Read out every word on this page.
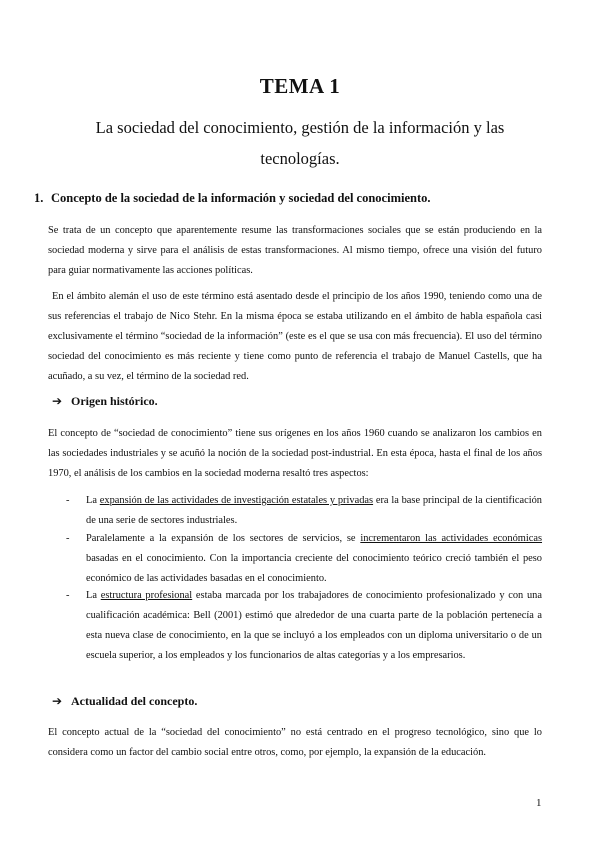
TEMA 1
La sociedad del conocimiento, gestión de la información y las tecnologías.
1. Concepto de la sociedad de la información y sociedad del conocimiento.
Se trata de un concepto que aparentemente resume las transformaciones sociales que se están produciendo en la sociedad moderna y sirve para el análisis de estas transformaciones. Al mismo tiempo, ofrece una visión del futuro para guiar normativamente las acciones políticas.
En el ámbito alemán el uso de este término está asentado desde el principio de los años 1990, teniendo como una de sus referencias el trabajo de Nico Stehr. En la misma época se estaba utilizando en el ámbito de habla española casi exclusivamente el término “sociedad de la información” (este es el que se usa con más frecuencia). El uso del término sociedad del conocimiento es más reciente y tiene como punto de referencia el trabajo de Manuel Castells, que ha acuñado, a su vez, el término de la sociedad red.
➔ Origen histórico.
El concepto de “sociedad de conocimiento” tiene sus orígenes en los años 1960 cuando se analizaron los cambios en las sociedades industriales y se acuñó la noción de la sociedad post-industrial. En esta época, hasta el final de los años 1970, el análisis de los cambios en la sociedad moderna resaltó tres aspectos:
- La expansión de las actividades de investigación estatales y privadas era la base principal de la cientificación de una serie de sectores industriales.
- Paralelamente a la expansión de los sectores de servicios, se incrementaron las actividades económicas basadas en el conocimiento. Con la importancia creciente del conocimiento teórico creció también el peso económico de las actividades basadas en el conocimiento.
- La estructura profesional estaba marcada por los trabajadores de conocimiento profesionalizado y con una cualificación académica: Bell (2001) estimó que alrededor de una cuarta parte de la población pertenecía a esta nueva clase de conocimiento, en la que se incluyó a los empleados con un diploma universitario o de un escuela superior, a los empleados y los funcionarios de altas categorías y a los empresarios.
➔ Actualidad del concepto.
El concepto actual de la “sociedad del conocimiento” no está centrado en el progreso tecnológico, sino que lo considera como un factor del cambio social entre otros, como, por ejemplo, la expansión de la educación.
1
